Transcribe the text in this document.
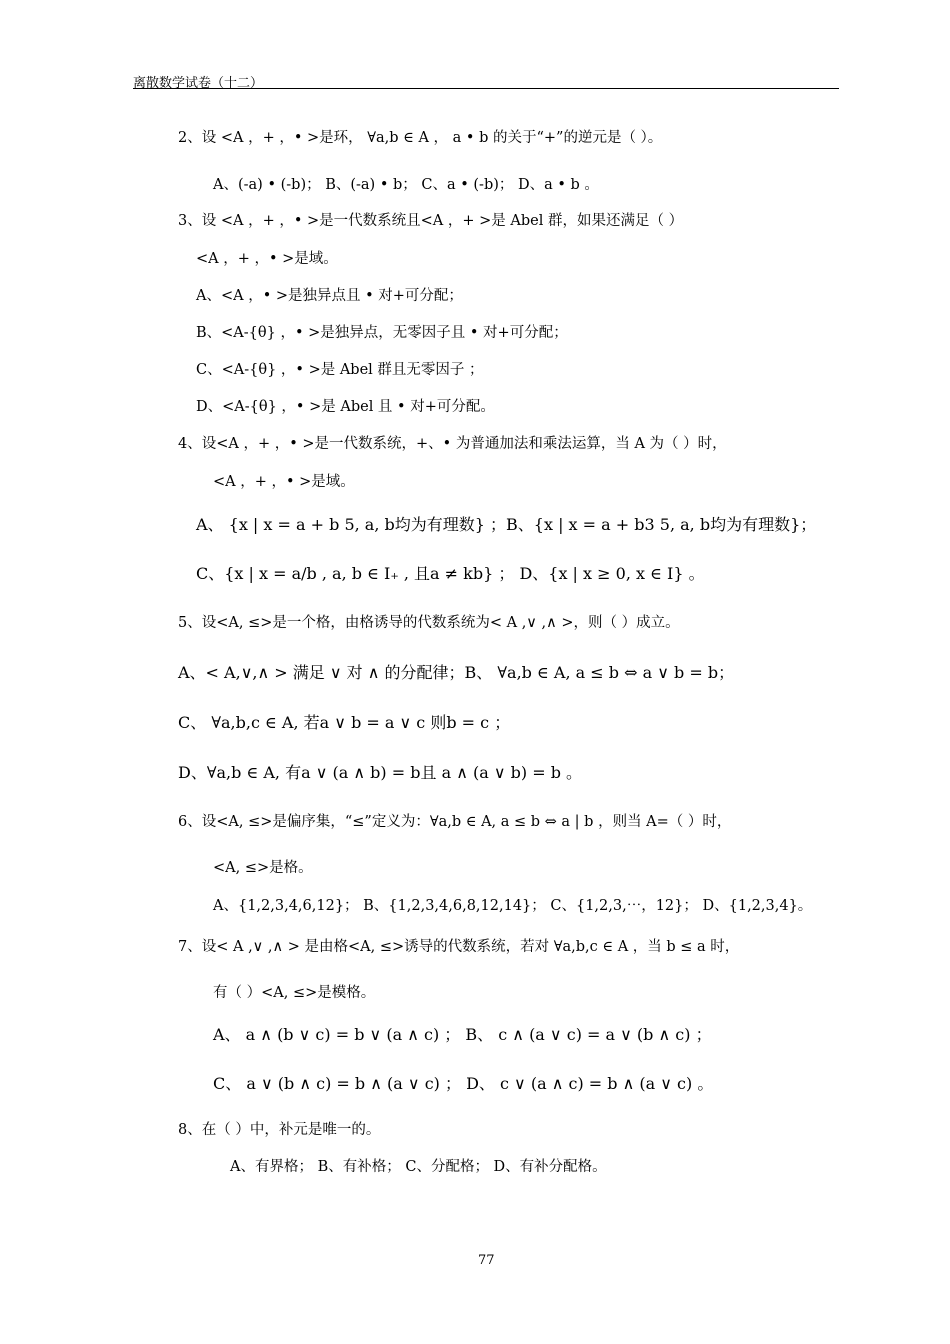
离散数学试卷（十二）
2、设 <A ，+ ，• >是环， ∀a,b ∈ A ， a • b 的关于“+”的逆元是（ ）。
A、(-a) • (-b)； B、(-a) • b； C、a • (-b)； D、a • b 。
3、设 <A ，+ ，• >是一代数系统且<A ，+ >是 Abel 群，如果还满足（ ）
<A ，+ ，• >是域。
A、<A ，• >是独异点且 • 对+可分配；
B、<A-{θ} ，• >是独异点，无零因子且 • 对+可分配；
C、<A-{θ} ，• >是 Abel 群且无零因子 ；
D、<A-{θ} ，• >是 Abel 且 • 对+可分配。
4、设<A ，+ ，• >是一代数系统，+、• 为普通加法和乘法运算，当 A 为（ ）时，
<A ，+ ，• >是域。
A、 {x | x = a + b 5, a, b均为有理数} ；B、{x | x = a + b3 5, a, b均为有理数}；
C、{x | x = a/b , a, b ∈ I₊ , 且a ≠ kb} ； D、{x | x ≥ 0, x ∈ I} 。
5、设<A, ≤>是一个格，由格诱导的代数系统为< A ,∨ ,∧ >，则（ ）成立。
A、< A,∨,∧ > 满足 ∨ 对 ∧ 的分配律；B、 ∀a,b ∈ A, a ≤ b ⇔ a ∨ b = b；
C、 ∀a,b,c ∈ A, 若a ∨ b = a ∨ c 则b = c ；
D、∀a,b ∈ A, 有a ∨ (a ∧ b) = b且 a ∧ (a ∨ b) = b 。
6、设<A, ≤>是偏序集，“≤”定义为：∀a,b ∈ A, a ≤ b ⇔ a | b ，则当 A=（ ）时，
<A, ≤>是格。
A、{1,2,3,4,6,12}； B、{1,2,3,4,6,8,12,14}； C、{1,2,3,⋯，12}； D、{1,2,3,4}。
7、设< A ,∨ ,∧ > 是由格<A, ≤>诱导的代数系统，若对 ∀a,b,c ∈ A ，当 b ≤ a 时，
有（ ）<A, ≤>是模格。
A、 a ∧ (b ∨ c) = b ∨ (a ∧ c) ； B、 c ∧ (a ∨ c) = a ∨ (b ∧ c) ；
C、 a ∨ (b ∧ c) = b ∧ (a ∨ c) ； D、 c ∨ (a ∧ c) = b ∧ (a ∨ c) 。
8、在（ ）中，补元是唯一的。
A、有界格； B、有补格； C、分配格； D、有补分配格。
77
